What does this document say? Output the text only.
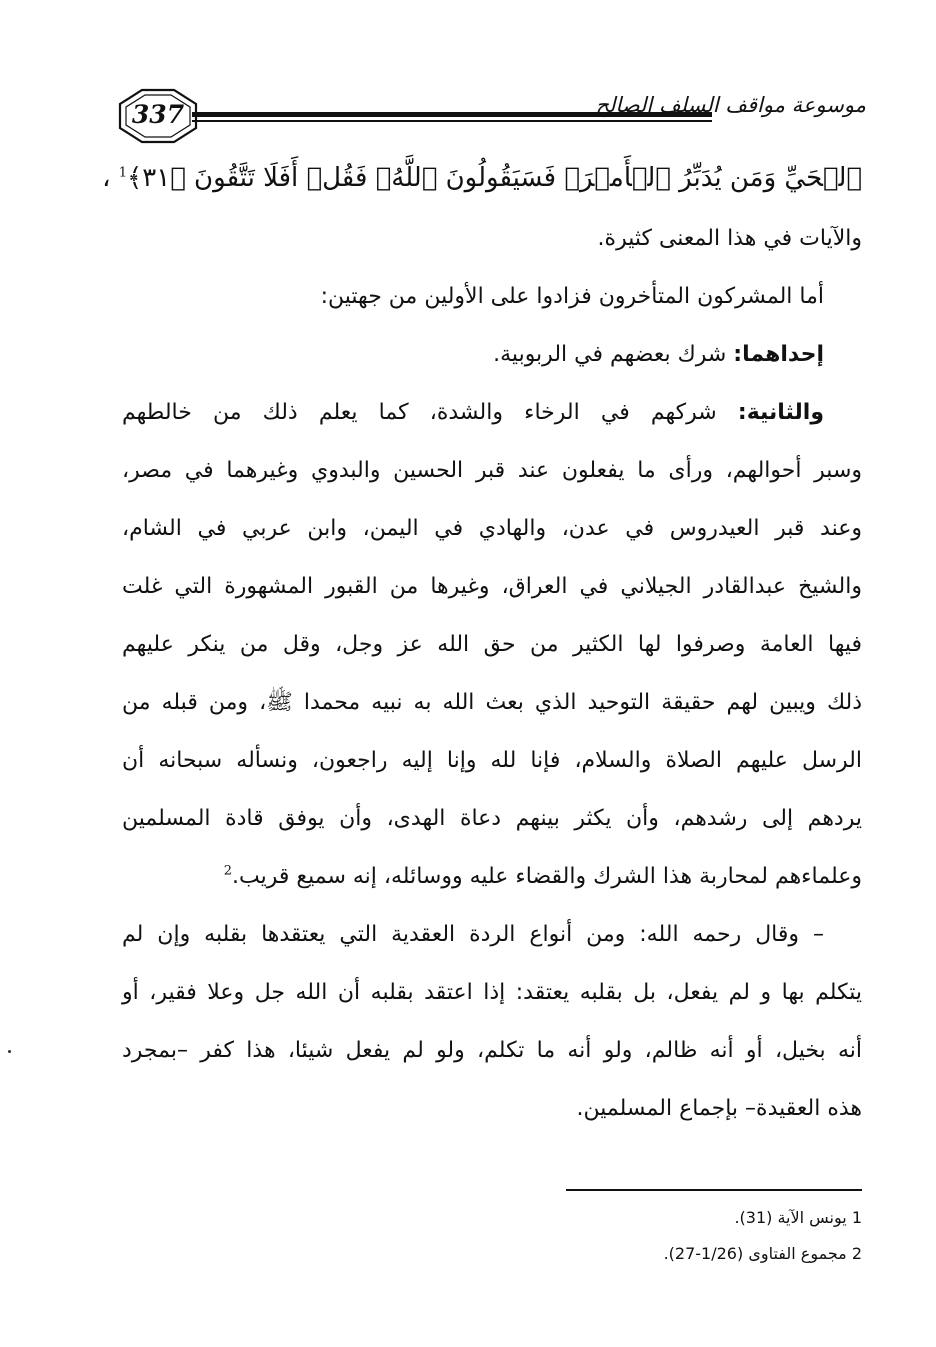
337	موسوعة مواقف السلف الصالح
ٱلۡحَيِّ وَمَن يُدَبِّرُ ٱلۡأَمۡرَۚ فَسَيَقُولُونَ ٱللَّهُۚ فَقُلۡ أَفَلَا تَتَّقُونَ ﴿٣١﴾$^1$ ،
والآيات في هذا المعنى كثيرة.
أما المشركون المتأخرون فزادوا على الأولين من جهتين:
إحداهما: شرك بعضهم في الربوبية.
والثانية: شركهم في الرخاء والشدة، كما يعلم ذلك من خالطهم
وسبر أحوالهم، ورأى ما يفعلون عند قبر الحسين والبدوي وغيرهما في مصر،
وعند قبر العيدروس في عدن، والهادي في اليمن، وابن عربي في الشام،
والشيخ عبدالقادر الجيلاني في العراق، وغيرها من القبور المشهورة التي غلت
فيها العامة وصرفوا لها الكثير من حق الله عز وجل، وقل من ينكر عليهم
ذلك ويبين لهم حقيقة التوحيد الذي بعث الله به نبيه محمدا ﷺ، ومن قبله من
الرسل عليهم الصلاة والسلام، فإنا لله وإنا إليه راجعون، ونسأله سبحانه أن
يردهم إلى رشدهم، وأن يكثر بينهم دعاة الهدى، وأن يوفق قادة المسلمين
وعلماءهم لمحاربة هذا الشرك والقضاء عليه ووسائله، إنه سميع قريب.$^2$
– وقال رحمه الله: ومن أنواع الردة العقدية التي يعتقدها بقلبه وإن لم
يتكلم بها و لم يفعل، بل بقلبه يعتقد: إذا اعتقد بقلبه أن الله جل وعلا فقير، أو
أنه بخيل، أو أنه ظالم، ولو أنه ما تكلم، ولو لم يفعل شيئا، هذا كفر –بمجرد
هذه العقيدة– بإجماع المسلمين.
1 يونس الآية (31).
2 مجموع الفتاوى (1/26-27).
